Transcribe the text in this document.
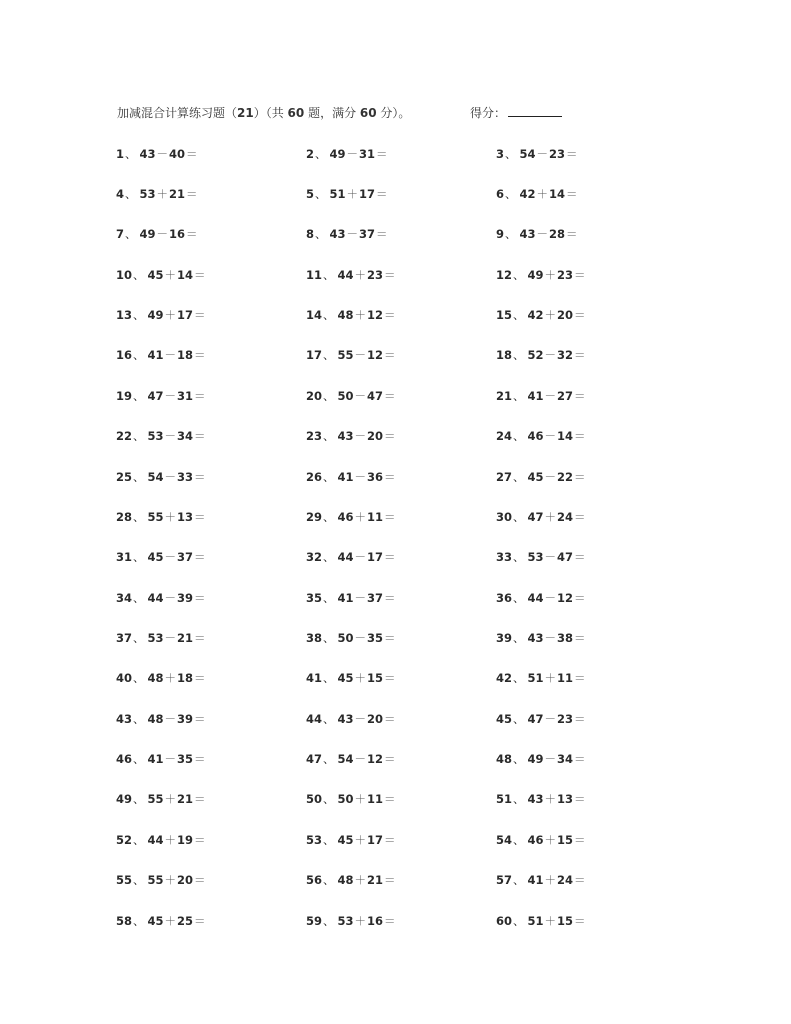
加减混合计算练习题（21）（共 60 题，满分 60 分）。	得分：
1、 43－40＝	2、 49－31＝	3、 54－23＝
4、 53＋21＝	5、 51＋17＝	6、 42＋14＝
7、 49－16＝	8、 43－37＝	9、 43－28＝
10、 45＋14＝	11、 44＋23＝	12、 49＋23＝
13、 49＋17＝	14、 48＋12＝	15、 42＋20＝
16、 41－18＝	17、 55－12＝	18、 52－32＝
19、 47－31＝	20、 50－47＝	21、 41－27＝
22、 53－34＝	23、 43－20＝	24、 46－14＝
25、 54－33＝	26、 41－36＝	27、 45－22＝
28、 55＋13＝	29、 46＋11＝	30、 47＋24＝
31、 45－37＝	32、 44－17＝	33、 53－47＝
34、 44－39＝	35、 41－37＝	36、 44－12＝
37、 53－21＝	38、 50－35＝	39、 43－38＝
40、 48＋18＝	41、 45＋15＝	42、 51＋11＝
43、 48－39＝	44、 43－20＝	45、 47－23＝
46、 41－35＝	47、 54－12＝	48、 49－34＝
49、 55＋21＝	50、 50＋11＝	51、 43＋13＝
52、 44＋19＝	53、 45＋17＝	54、 46＋15＝
55、 55＋20＝	56、 48＋21＝	57、 41＋24＝
58、 45＋25＝	59、 53＋16＝	60、 51＋15＝
